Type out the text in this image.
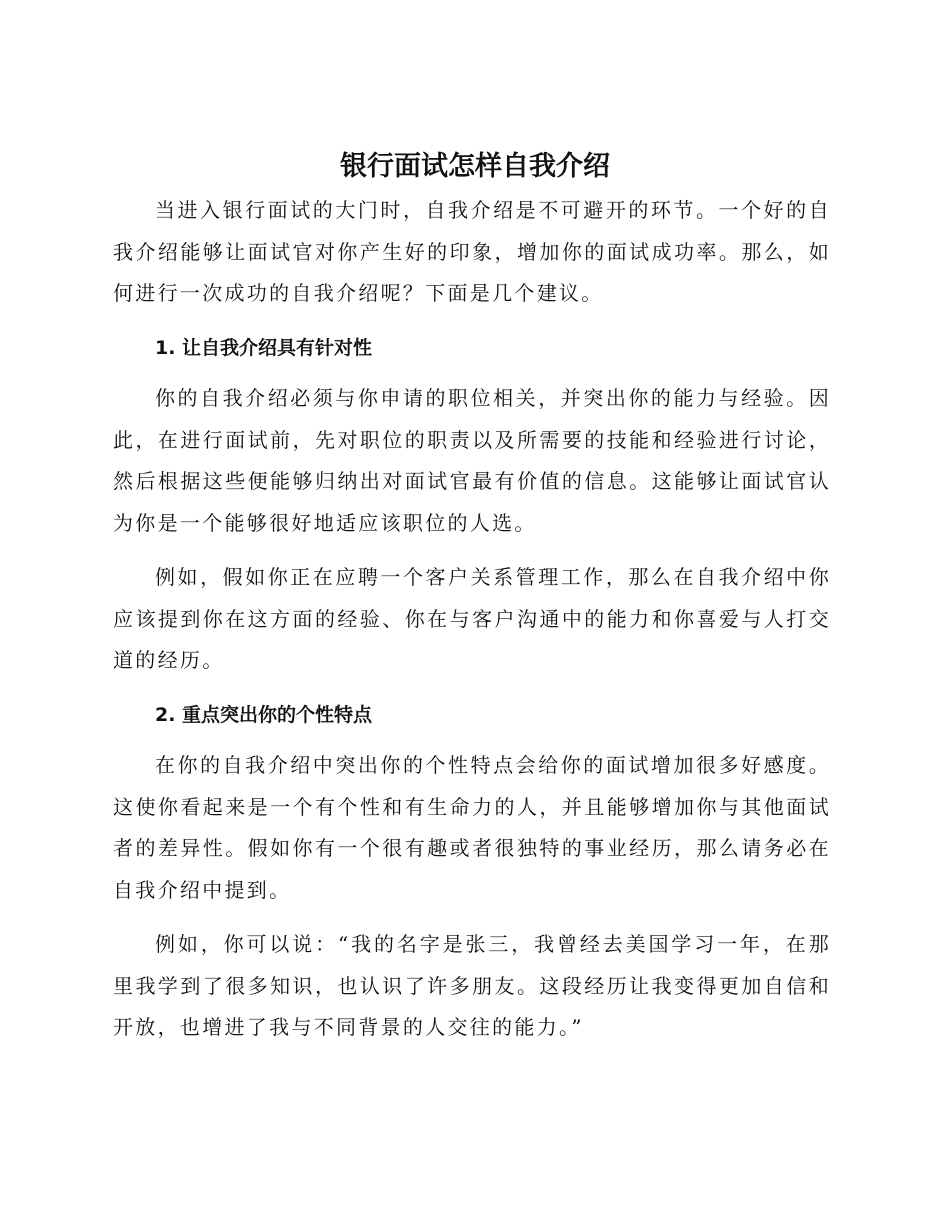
银行面试怎样自我介绍

当进入银行面试的大门时，自我介绍是不可避开的环节。一个好的自我介绍能够让面试官对你产生好的印象，增加你的面试成功率。那么，如何进行一次成功的自我介绍呢？下面是几个建议。

1. 让自我介绍具有针对性

你的自我介绍必须与你申请的职位相关，并突出你的能力与经验。因此，在进行面试前，先对职位的职责以及所需要的技能和经验进行讨论，然后根据这些便能够归纳出对面试官最有价值的信息。这能够让面试官认为你是一个能够很好地适应该职位的人选。

例如，假如你正在应聘一个客户关系管理工作，那么在自我介绍中你应该提到你在这方面的经验、你在与客户沟通中的能力和你喜爱与人打交道的经历。

2. 重点突出你的个性特点

在你的自我介绍中突出你的个性特点会给你的面试增加很多好感度。这使你看起来是一个有个性和有生命力的人，并且能够增加你与其他面试者的差异性。假如你有一个很有趣或者很独特的事业经历，那么请务必在自我介绍中提到。

例如，你可以说：“我的名字是张三，我曾经去美国学习一年，在那里我学到了很多知识，也认识了许多朋友。这段经历让我变得更加自信和开放，也增进了我与不同背景的人交往的能力。”
